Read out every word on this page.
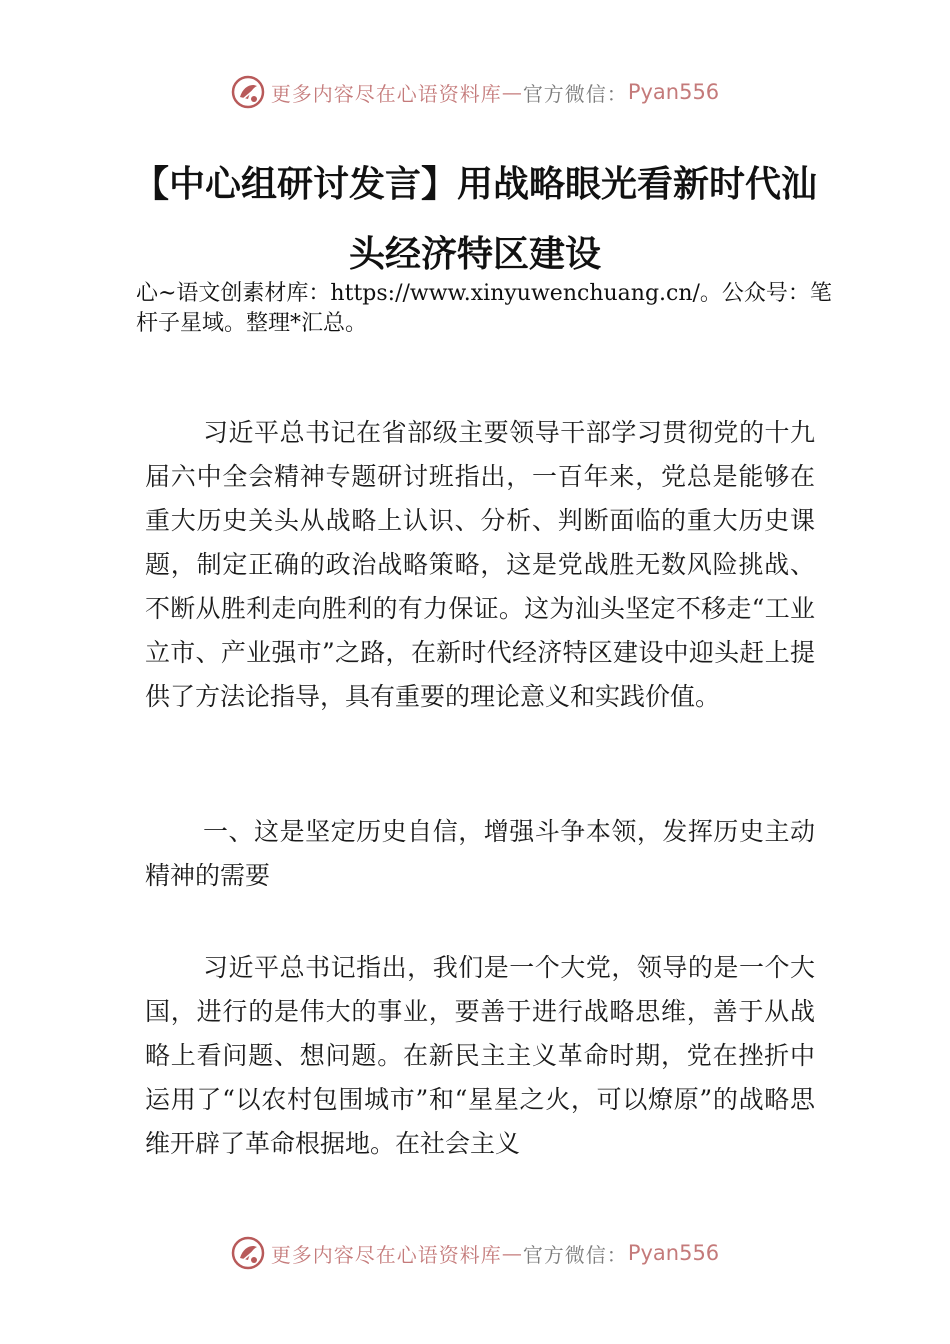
更多内容尽在心语资料库 — 官方微信： Pyan556
【中心组研讨发言】用战略眼光看新时代汕
头经济特区建设

心~语文创素材库：https://www.xinyuwenchuang.cn/。公众号：笔杆子星域。整理*汇总。

习近平总书记在省部级主要领导干部学习贯彻党的十九届六中全会精神专题研讨班指出，一百年来，党总是能够在重大历史关头从战略上认识、分析、判断面临的重大历史课题，制定正确的政治战略策略，这是党战胜无数风险挑战、不断从胜利走向胜利的有力保证。这为汕头坚定不移走“工业立市、产业强市”之路，在新时代经济特区建设中迎头赶上提供了方法论指导，具有重要的理论意义和实践价值。

一、这是坚定历史自信，增强斗争本领，发挥历史主动精神的需要

习近平总书记指出，我们是一个大党，领导的是一个大国，进行的是伟大的事业，要善于进行战略思维，善于从战略上看问题、想问题。在新民主主义革命时期，党在挫折中运用了“以农村包围城市”和“星星之火，可以燎原”的战略思维开辟了革命根据地。在社会主义

更多内容尽在心语资料库 — 官方微信： Pyan556
